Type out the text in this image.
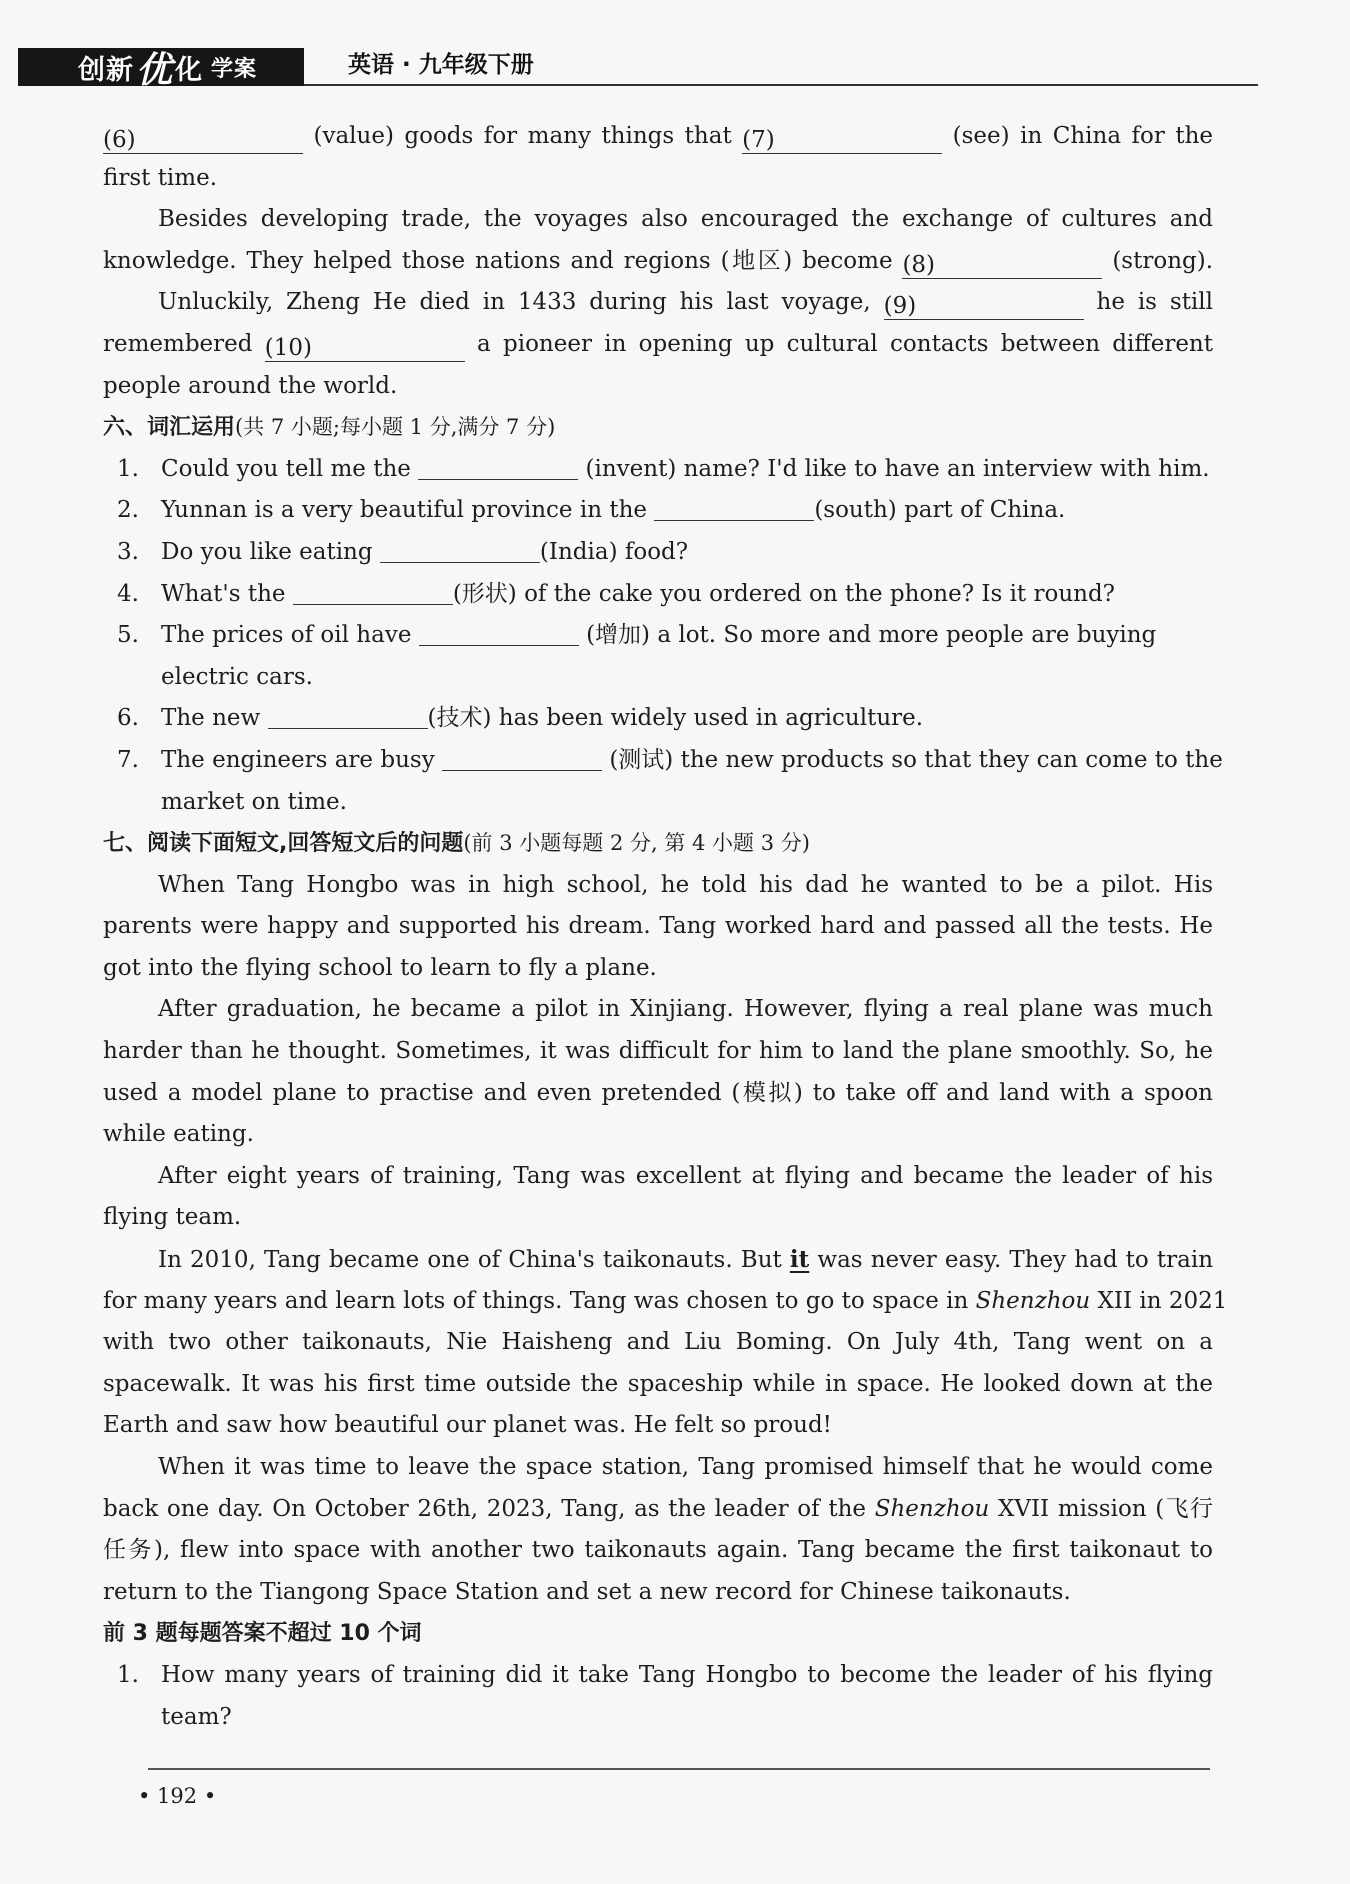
创新 优 化 学案	英语 · 九年级下册
(6)	(value) goods for many things that (7)	(see) in China for the
first time.
Besides developing trade, the voyages also encouraged the exchange of cultures and
knowledge. They helped those nations and regions (地区) become (8)	(strong).
Unluckily, Zheng He died in 1433 during his last voyage, (9)	he is still
remembered (10)	a pioneer in opening up cultural contacts between different
people around the world.
六、词汇运用(共 7 小题;每小题 1 分,满分 7 分)
1. Could you tell me the	(invent) name? I'd like to have an interview with him.
2. Yunnan is a very beautiful province in the	(south) part of China.
3. Do you like eating	(India) food?
4. What's the	(形状) of the cake you ordered on the phone? Is it round?
5. The prices of oil have	(增加) a lot. So more and more people are buying
electric cars.
6. The new	(技术) has been widely used in agriculture.
7. The engineers are busy	(测试) the new products so that they can come to the
market on time.
七、阅读下面短文,回答短文后的问题(前 3 小题每题 2 分, 第 4 小题 3 分)
When Tang Hongbo was in high school, he told his dad he wanted to be a pilot. His
parents were happy and supported his dream. Tang worked hard and passed all the tests. He
got into the flying school to learn to fly a plane.
After graduation, he became a pilot in Xinjiang. However, flying a real plane was much
harder than he thought. Sometimes, it was difficult for him to land the plane smoothly. So, he
used a model plane to practise and even pretended (模拟) to take off and land with a spoon
while eating.
After eight years of training, Tang was excellent at flying and became the leader of his
flying team.
In 2010, Tang became one of China's taikonauts. But it was never easy. They had to train
for many years and learn lots of things. Tang was chosen to go to space in Shenzhou XII in 2021
with two other taikonauts, Nie Haisheng and Liu Boming. On July 4th, Tang went on a
spacewalk. It was his first time outside the spaceship while in space. He looked down at the
Earth and saw how beautiful our planet was. He felt so proud!
When it was time to leave the space station, Tang promised himself that he would come
back one day. On October 26th, 2023, Tang, as the leader of the Shenzhou XVII mission (飞行
任务), flew into space with another two taikonauts again. Tang became the first taikonaut to
return to the Tiangong Space Station and set a new record for Chinese taikonauts.
前 3 题每题答案不超过 10 个词
1. How many years of training did it take Tang Hongbo to become the leader of his flying
team?
• 192 •
